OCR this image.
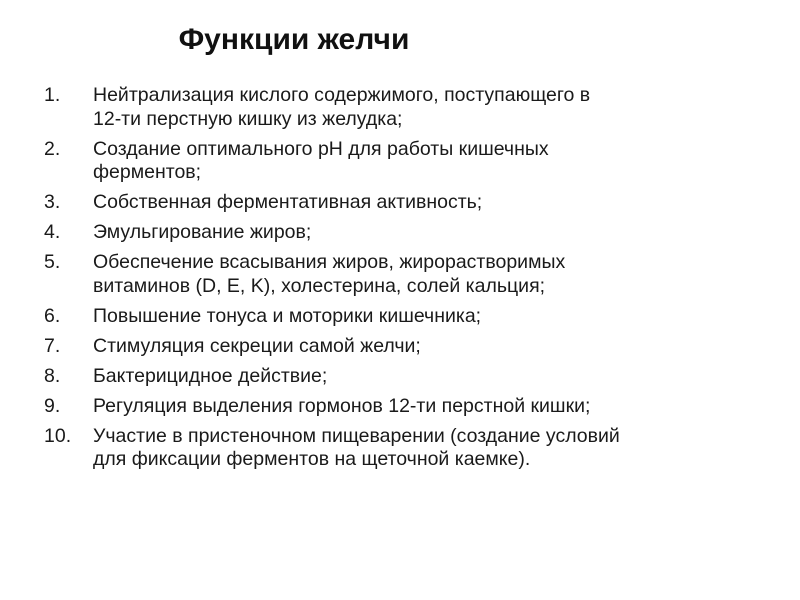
Функции желчи
1. Нейтрализация кислого содержимого, поступающего в
12-ти перстную кишку из желудка;
2. Создание оптимального рН для работы кишечных
ферментов;
3. Собственная ферментативная активность;
4. Эмульгирование жиров;
5. Обеспечение всасывания жиров, жирорастворимых
витаминов (D, E, K), холестерина, солей кальция;
6. Повышение тонуса и моторики кишечника;
7. Стимуляция секреции самой желчи;
8. Бактерицидное действие;
9. Регуляция выделения гормонов 12-ти перстной кишки;
10. Участие в пристеночном пищеварении (создание условий
для фиксации ферментов на щеточной каемке).
